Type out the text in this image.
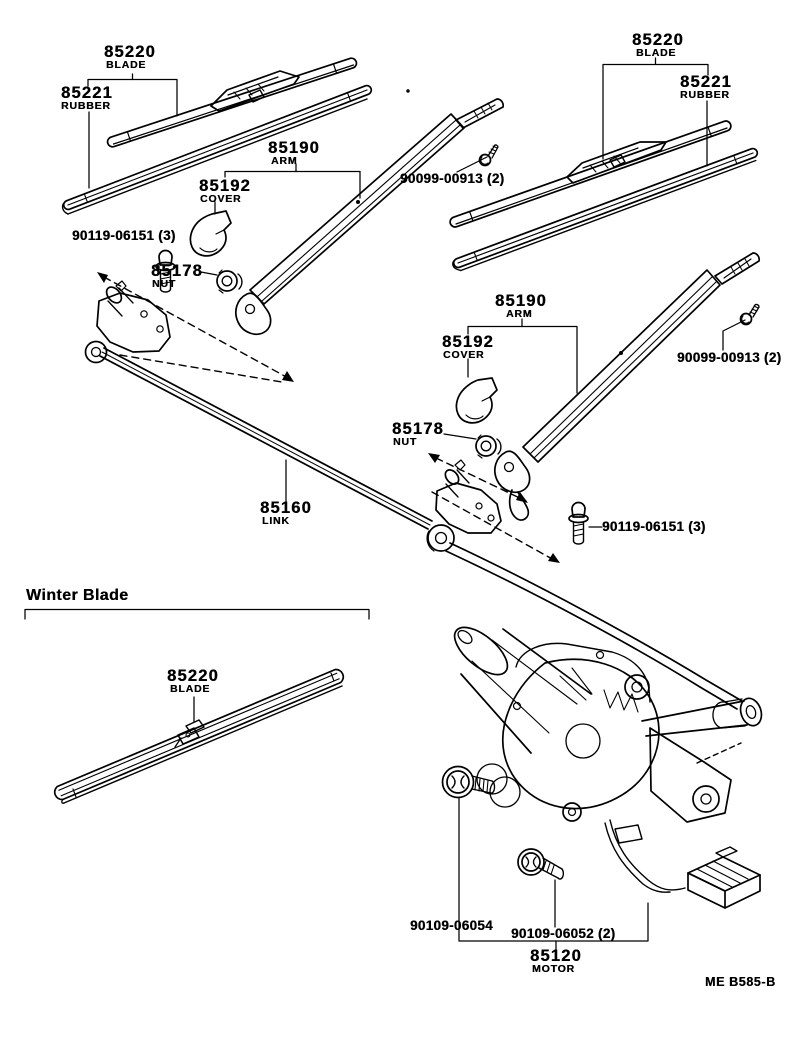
85220
BLADE
85221
RUBBER
85190
ARM
85192
COVER
90119-06151 (3)
85178
NUT
85220
BLADE
85221
RUBBER
90099-00913 (2)
85190
ARM
85192
COVER	90099-00913 (2)
85178
NUT
90119-06151 (3)
85160
LINK
Winter Blade
85220
BLADE
90109-06054
90109-06052 (2)
85120
MOTOR
ME B585-B
